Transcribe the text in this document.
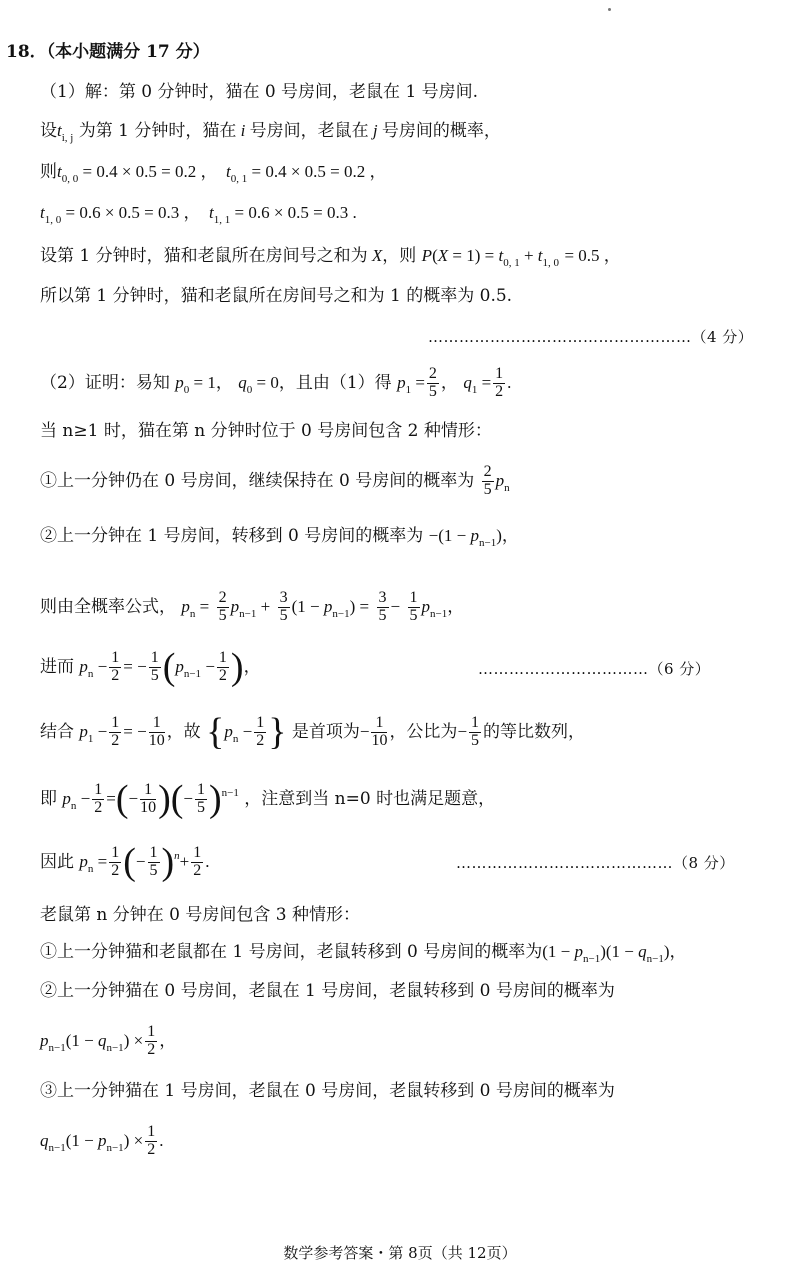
18．（本小题满分 17 分）
（1）解：第 0 分钟时，猫在 0 号房间，老鼠在 1 号房间.
设$t_{i, j}$ 为第 1 分钟时，猫在 i 号房间，老鼠在 j 号房间的概率，
则$t_{0, 0} = 0.4 \times 0.5 = 0.2$ ， $t_{0, 1} = 0.4 \times 0.5 = 0.2$ ，
$t_{1, 0} = 0.6 \times 0.5 = 0.3$ ， $t_{1, 1} = 0.6 \times 0.5 = 0.3$ .
设第 1 分钟时，猫和老鼠所在房间号之和为 X，则 $P(X = 1) = t_{0, 1} + t_{1, 0} = 0.5$ ，
所以第 1 分钟时，猫和老鼠所在房间号之和为 1 的概率为 0.5.
……………………………………………（4 分）
（2）证明：易知 $p_0 = 1$， $q_0 = 0$，且由（1）得 $p_1 = \frac{2}{5}$ ， $q_1 = \frac{1}{2}$ .
当 n≥1 时，猫在第 n 分钟时位于 0 号房间包含 2 种情形：
①上一分钟仍在 0 号房间，继续保持在 0 号房间的概率为 $\frac{2}{5} p_n$
②上一分钟在 1 号房间，转移到 0 号房间的概率为 $-(1 - p_{n-1})$，
则由全概率公式， $p_n = \frac{2}{5} p_{n-1} + \frac{3}{5} (1 - p_{n-1}) = \frac{3}{5} - \frac{1}{5} p_{n-1}$，
进而 $p_n - \frac{1}{2}$ = − $\frac{1}{5} (p_{n-1} - \frac{1}{2}$ )，	……………………………（6 分）
结合 $p_1 - \frac{1}{2}$ = − $\frac{1}{10}$ ，故 {$p_n - \frac{1}{2}$ } 是首项为− $\frac{1}{10}$ ，公比为− $\frac{1}{5}$ 的等比数列，
即 $p_n - \frac{1}{2}$ =(− $\frac{1}{10}$ )(− $\frac{1}{5} )^{n-1}$ ，注意到当 n=0 时也满足题意，
因此 $p_n = \frac{1}{2}$ (− $\frac{1}{5} )^n+ \frac{1}{2}$ .	……………………………………（8 分）
老鼠第 n 分钟在 0 号房间包含 3 种情形：
①上一分钟猫和老鼠都在 1 号房间，老鼠转移到 0 号房间的概率为$(1 - p_{n-1})(1 - q_{n-1})$，
②上一分钟猫在 0 号房间，老鼠在 1 号房间，老鼠转移到 0 号房间的概率为
$p_{n-1}(1 - q_{n-1}) \times \frac{1}{2}$ ，
③上一分钟猫在 1 号房间，老鼠在 0 号房间，老鼠转移到 0 号房间的概率为
$q_{n-1}(1 - p_{n-1}) \times \frac{1}{2}$ .
数学参考答案・第 8页（共 12页）
